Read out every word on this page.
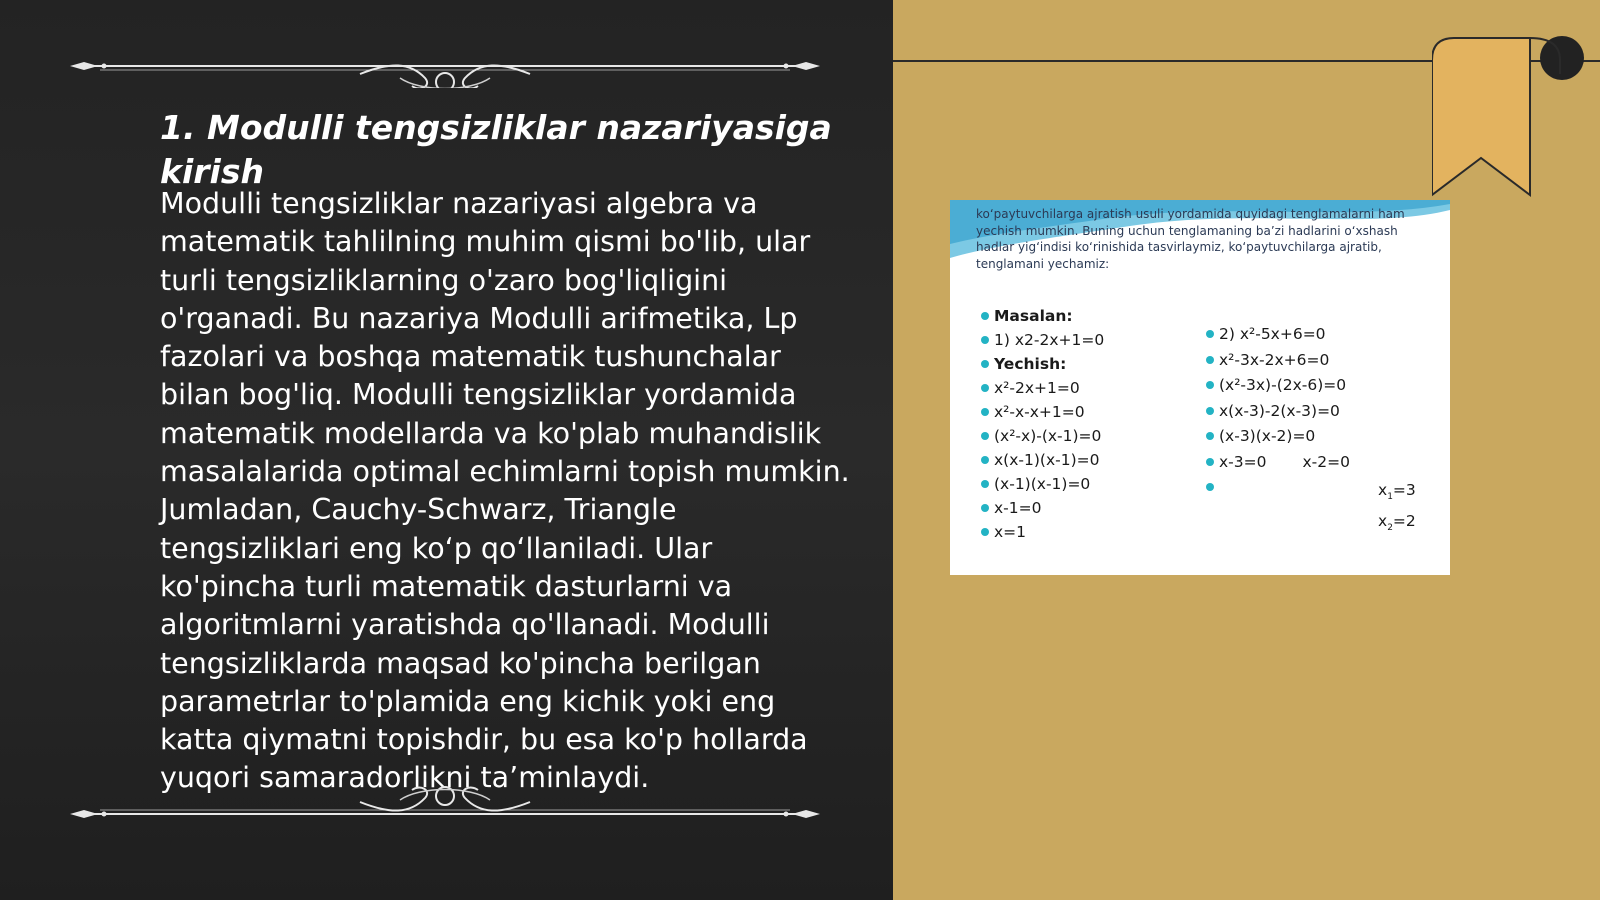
1. Modulli tengsizliklar nazariyasiga kirish

Modulli tengsizliklar nazariyasi algebra va matematik tahlilning muhim qismi bo'lib, ular turli tengsizliklarning o'zaro bog'liqligini o'rganadi. Bu nazariya Modulli arifmetika, Lp fazolari va boshqa matematik tushunchalar bilan bog'liq. Modulli tengsizliklar yordamida matematik modellarda va ko'plab muhandislik masalalarida optimal echimlarni topish mumkin. Jumladan, Cauchy-Schwarz, Triangle tengsizliklari eng koʻp qoʻllaniladi. Ular ko'pincha turli matematik dasturlarni va algoritmlarni yaratishda qo'llanadi. Modulli tengsizliklarda maqsad ko'pincha berilgan parametrlar to'plamida eng kichik yoki eng katta qiymatni topishdir, bu esa ko'p hollarda yuqori samaradorlikni ta’minlaydi.

ko‘paytuvchilarga ajratish usuli yordamida quyidagi tenglamalarni ham yechish mumkin. Buning uchun tenglamaning ba’zi hadlarini o‘xshash hadlar yig‘indisi ko‘rinishida tasvirlaymiz, ko‘paytuvchilarga ajratib, tenglamani yechamiz:

Masalan:
1) x2-2x+1=0
Yechish:
x²-2x+1=0
x²-x-x+1=0
(x²-x)-(x-1)=0
x(x-1)(x-1)=0
(x-1)(x-1)=0
x-1=0
x=1
2) x²-5x+6=0
x²-3x-2x+6=0
(x²-3x)-(2x-6)=0
x(x-3)-2(x-3)=0
(x-3)(x-2)=0
x-3=0 x-2=0

$x_1=3$
$x_2=2$
